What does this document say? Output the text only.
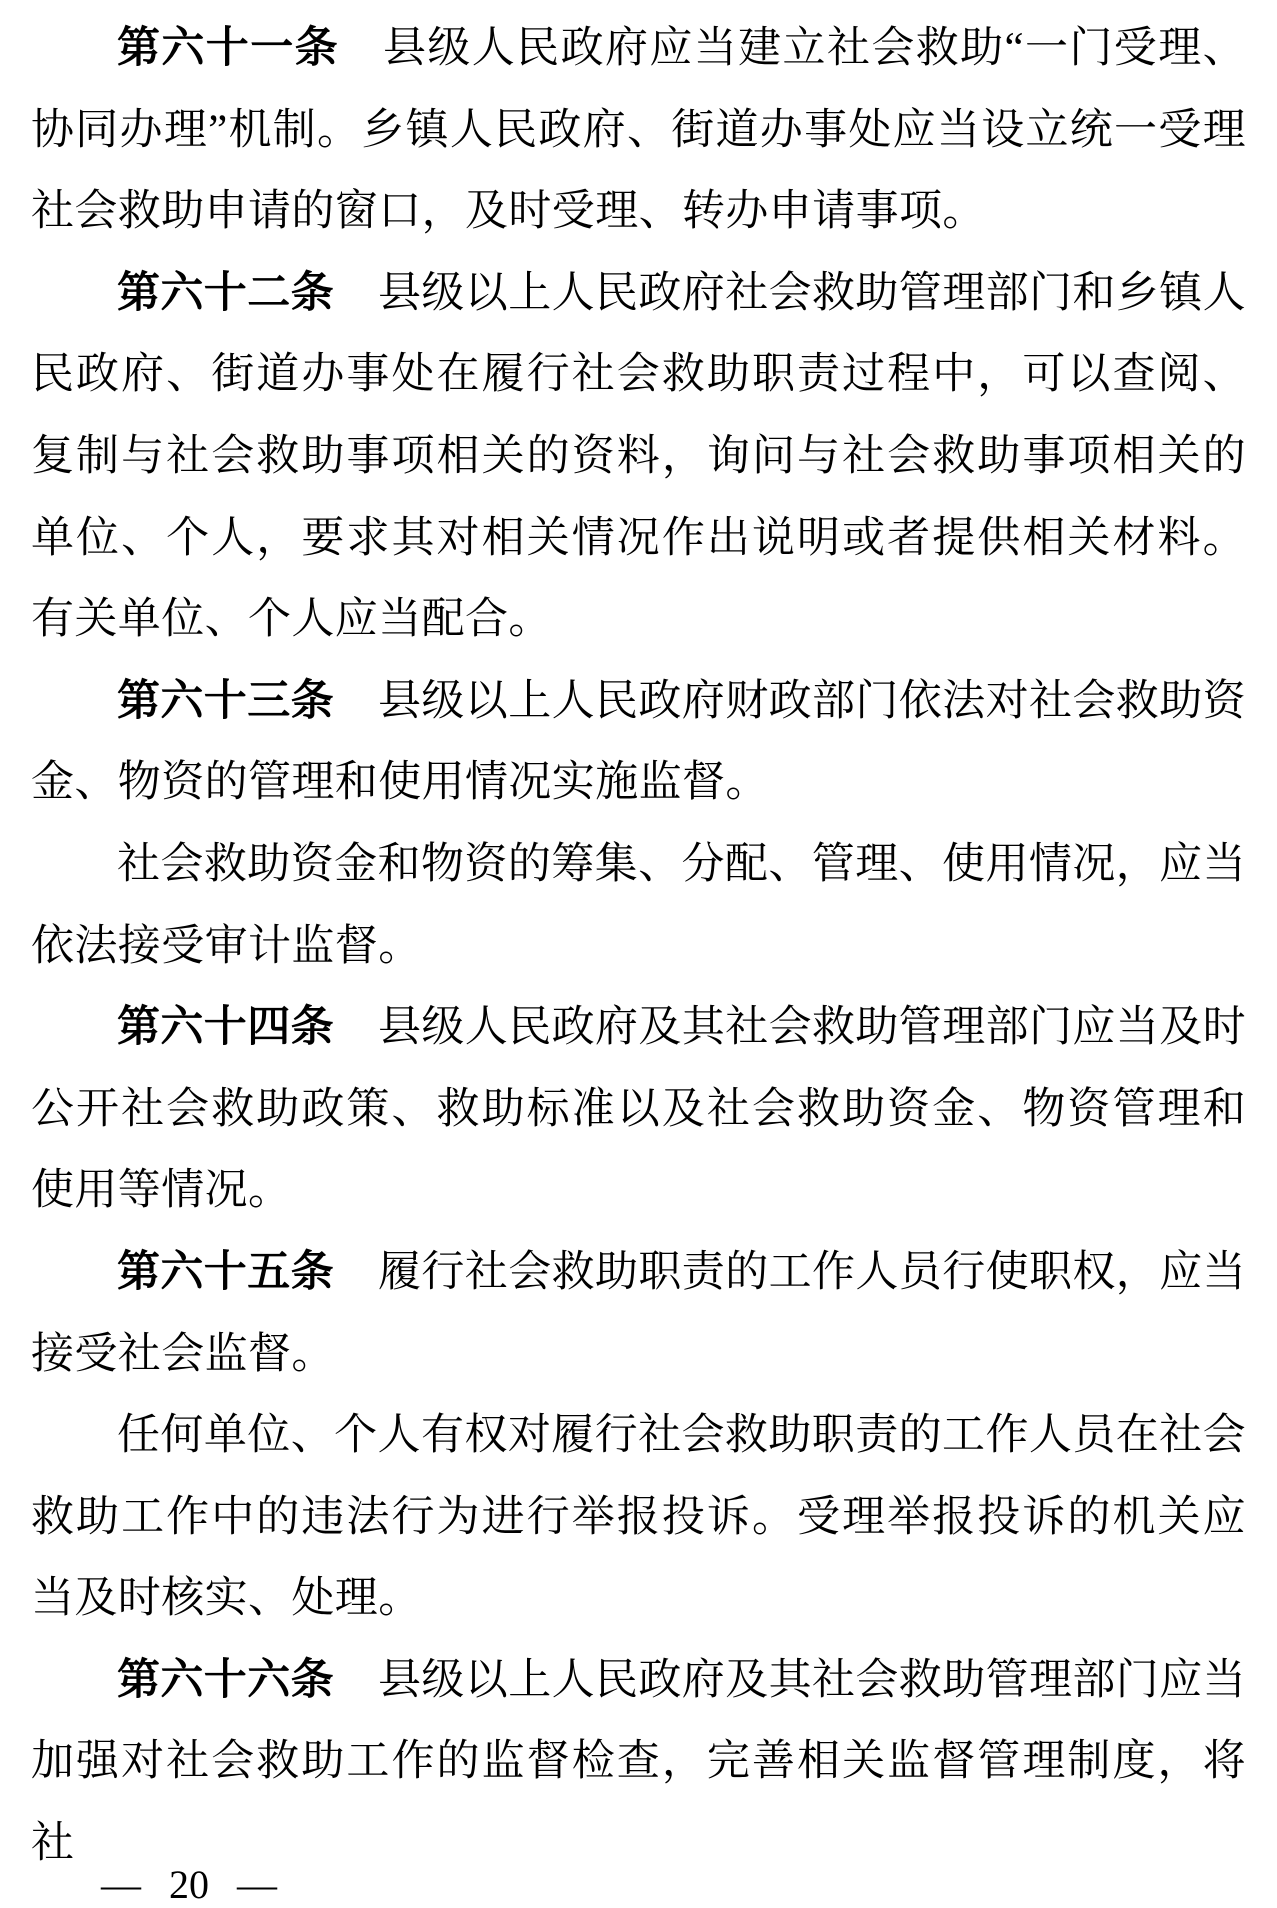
第六十一条 县级人民政府应当建立社会救助“一门受理、协同办理”机制。乡镇人民政府、街道办事处应当设立统一受理社会救助申请的窗口，及时受理、转办申请事项。

第六十二条 县级以上人民政府社会救助管理部门和乡镇人民政府、街道办事处在履行社会救助职责过程中，可以查阅、复制与社会救助事项相关的资料，询问与社会救助事项相关的单位、个人，要求其对相关情况作出说明或者提供相关材料。有关单位、个人应当配合。

第六十三条 县级以上人民政府财政部门依法对社会救助资金、物资的管理和使用情况实施监督。

社会救助资金和物资的筹集、分配、管理、使用情况，应当依法接受审计监督。

第六十四条 县级人民政府及其社会救助管理部门应当及时公开社会救助政策、救助标准以及社会救助资金、物资管理和使用等情况。

第六十五条 履行社会救助职责的工作人员行使职权，应当接受社会监督。

任何单位、个人有权对履行社会救助职责的工作人员在社会救助工作中的违法行为进行举报投诉。受理举报投诉的机关应当及时核实、处理。

第六十六条 县级以上人民政府及其社会救助管理部门应当加强对社会救助工作的监督检查，完善相关监督管理制度，将社

— 20 —
